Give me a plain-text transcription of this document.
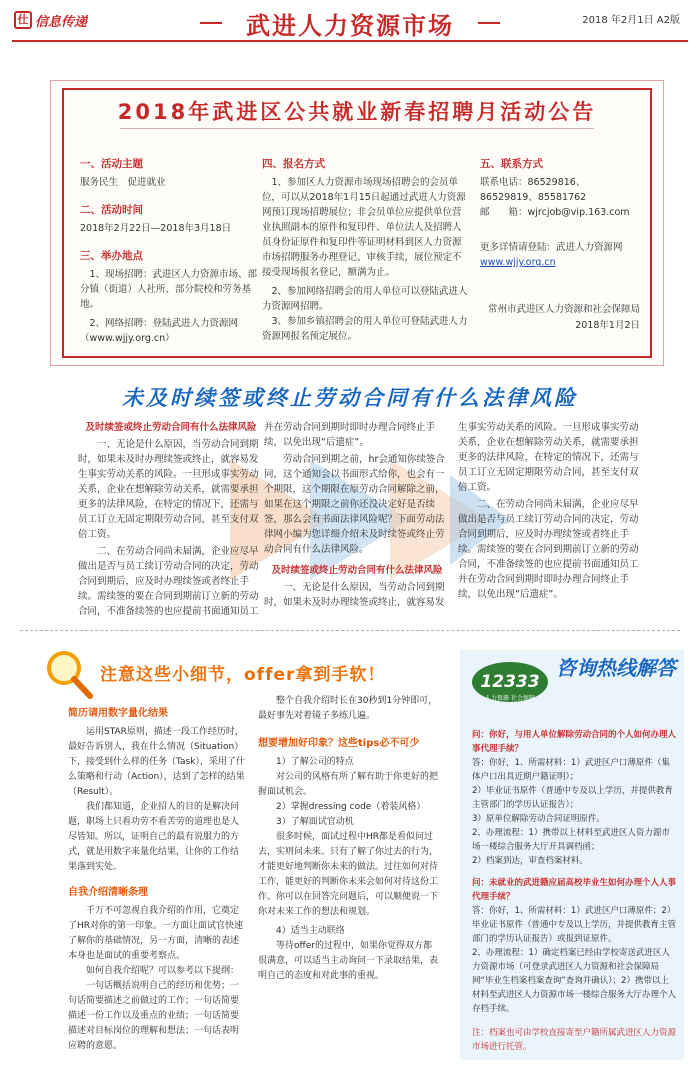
仕 信息传递	武进人力资源市场	2018 年2月1日 A2版
2018年武进区公共就业新春招聘月活动公告
一、活动主题
服务民生　促进就业
二、活动时间
2018年2月22日—2018年3月18日
三、举办地点
1、现场招聘：武进区人力资源市场、部分镇（街道）人社所、部分院校和劳务基地。
2、网络招聘：登陆武进人力资源网（www.wjjy.org.cn）
四、报名方式
1、参加区人力资源市场现场招聘会的会员单位，可以从2018年1月15日起通过武进人力资源网预订现场招聘展位；非会员单位应提供单位营业执照副本的原件和复印件、单位法人及招聘人员身份证原件和复印件等证明材料到区人力资源市场招聘服务办理登记、审核手续，展位预定不接受现场报名登记，额满为止。
2、参加网络招聘会的用人单位可以登陆武进人力资源网招聘。
3、参加乡镇招聘会的用人单位可登陆武进人力资源网报名预定展位。
五、联系方式
联系电话：86529816、86529819、85581762
邮　　箱：wjrcjob@vip.163.com
更多详情请登陆：武进人力资源网www.wjjy.org.cn
常州市武进区人力资源和社会保障局
2018年1月2日
未及时续签或终止劳动合同有什么法律风险
及时续签或终止劳动合同有什么法律风险
一、无论是什么原因，当劳动合同到期时，如果未及时办理续签或终止，就容易发生事实劳动关系的风险。一旦形成事实劳动关系，企业在想解除劳动关系，就需要承担更多的法律风险，在特定的情况下，还需与员工订立无固定期限劳动合同，甚至支付双倍工资。
二、在劳动合同尚未届满，企业应尽早做出是否与员工续订劳动合同的决定，劳动合同到期后，应及时办理续签或者终止手续。需续签的要在合同到期前订立新的劳动合同，不准备续签的也应提前书面通知员工
并在劳动合同到期时即时办理合同终止手续，以免出现“后遗症”。
劳动合同到期之前，hr会通知你续签合同，这个通知会以书面形式给你，也会有一个期限，这个期限在原劳动合同解除之前，如果在这个期限之前你还没决定好是否续签，那么会有书面法律风险呢？下面劳动法律网小编为您详细介绍未及时续签或终止劳动合同有什么法律风险。
及时续签或终止劳动合同有什么法律风险
一、无论是什么原因，当劳动合同到期时，如果未及时办理续签或终止，就容易发
生事实劳动关系的风险。一旦形成事实劳动关系，企业在想解除劳动关系，就需要承担更多的法律风险，在特定的情况下，还需与员工订立无固定期限劳动合同，甚至支付双倍工资。
二、在劳动合同尚未届满，企业应尽早做出是否与员工续订劳动合同的决定，劳动合同到期后，应及时办理续签或者终止手续。需续签的要在合同到期前订立新的劳动合同，不准备续签的也应提前书面通知员工并在劳动合同到期时即时办理合同终止手续，以免出现“后遗症”。
注意这些小细节，offer拿到手软！
简历请用数字量化结果
运用STAR原则，描述一段工作经历时，最好告诉别人，我在什么情况（Situation）下，接受到什么样的任务（Task），采用了什么策略和行动（Action），达到了怎样的结果（Result）。
我们都知道，企业招人的目的是解决问题，职场上只看功劳不看苦劳的道理也是人尽皆知。所以，证明自己的最有说服力的方式，就是用数字来量化结果，让你的工作结果落到实处。
自我介绍清晰条理
千万不可忽视自我介绍的作用，它奠定了HR对你的第一印象。一方面让面试官快速了解你的基础情况，另一方面，清晰的表述本身也是面试的重要考察点。
如何自我介绍呢？可以参考以下提纲：
一句话概括说明自己的经历和优势；一句话简要描述之前做过的工作；一句话简要描述一份工作以及重点的业绩；一句话简要描述对目标岗位的理解和想法；一句话表明应聘的意愿。
整个自我介绍时长在30秒到1分钟即可，最好事先对着镜子多练几遍。
想要增加好印象？这些tips必不可少
1）了解公司的特点
对公司的风格有所了解有助于你更好的把握面试机会。
2）掌握dressing code（着装风格）
3）了解面试官动机
很多时候，面试过程中HR都是看似问过去，实则问未来。只有了解了你过去的行为，才能更好地判断你未来的做法。过往如何对待工作，能更好的判断你未来会如何对待这份工作。你可以在回答完问题后，可以顺便说一下你对未来工作的想法和规划。
4）适当主动联络
等待offer的过程中，如果你觉得双方都很满意，可以适当主动询问一下录取结果，表明自己的态度和对此事的重视。
12333
人力资源 社会保障
咨询热线解答
问：你好，与用人单位解除劳动合同的个人如何办理人事代理手续？
答：你好，1、所需材料：1）武进区户口薄原件（集体户口出具近期户籍证明）；
2）毕业证书原件（普通中专及以上学历，并提供教育主管部门的学历认证报告）；
3）原单位解除劳动合同证明原件。
2、办理流程：1）携带以上材料至武进区人资力源市场一楼综合服务大厅开具调档函；
2）档案到达，审查档案材料。
问：未就业的武进籍应届高校毕业生如何办理个人人事代理手续？
答：你好，1、所需材料：1）武进区户口薄原件；2）毕业证书原件（普通中专及以上学历，并提供教育主管部门的学历认证报告）或报到证原件。
2、办理流程：1）确定档案已经由学校寄送武进区人力资源市场（可登录武进区人力资源和社会保障局网“毕业生档案档案查询”查询并确认）；2）携带以上材料至武进区人力资源市场一楼综合服务大厅办理个人存档手续。
注：档案也可由学校直接寄至户籍所属武进区人力资源市场进行托管。
